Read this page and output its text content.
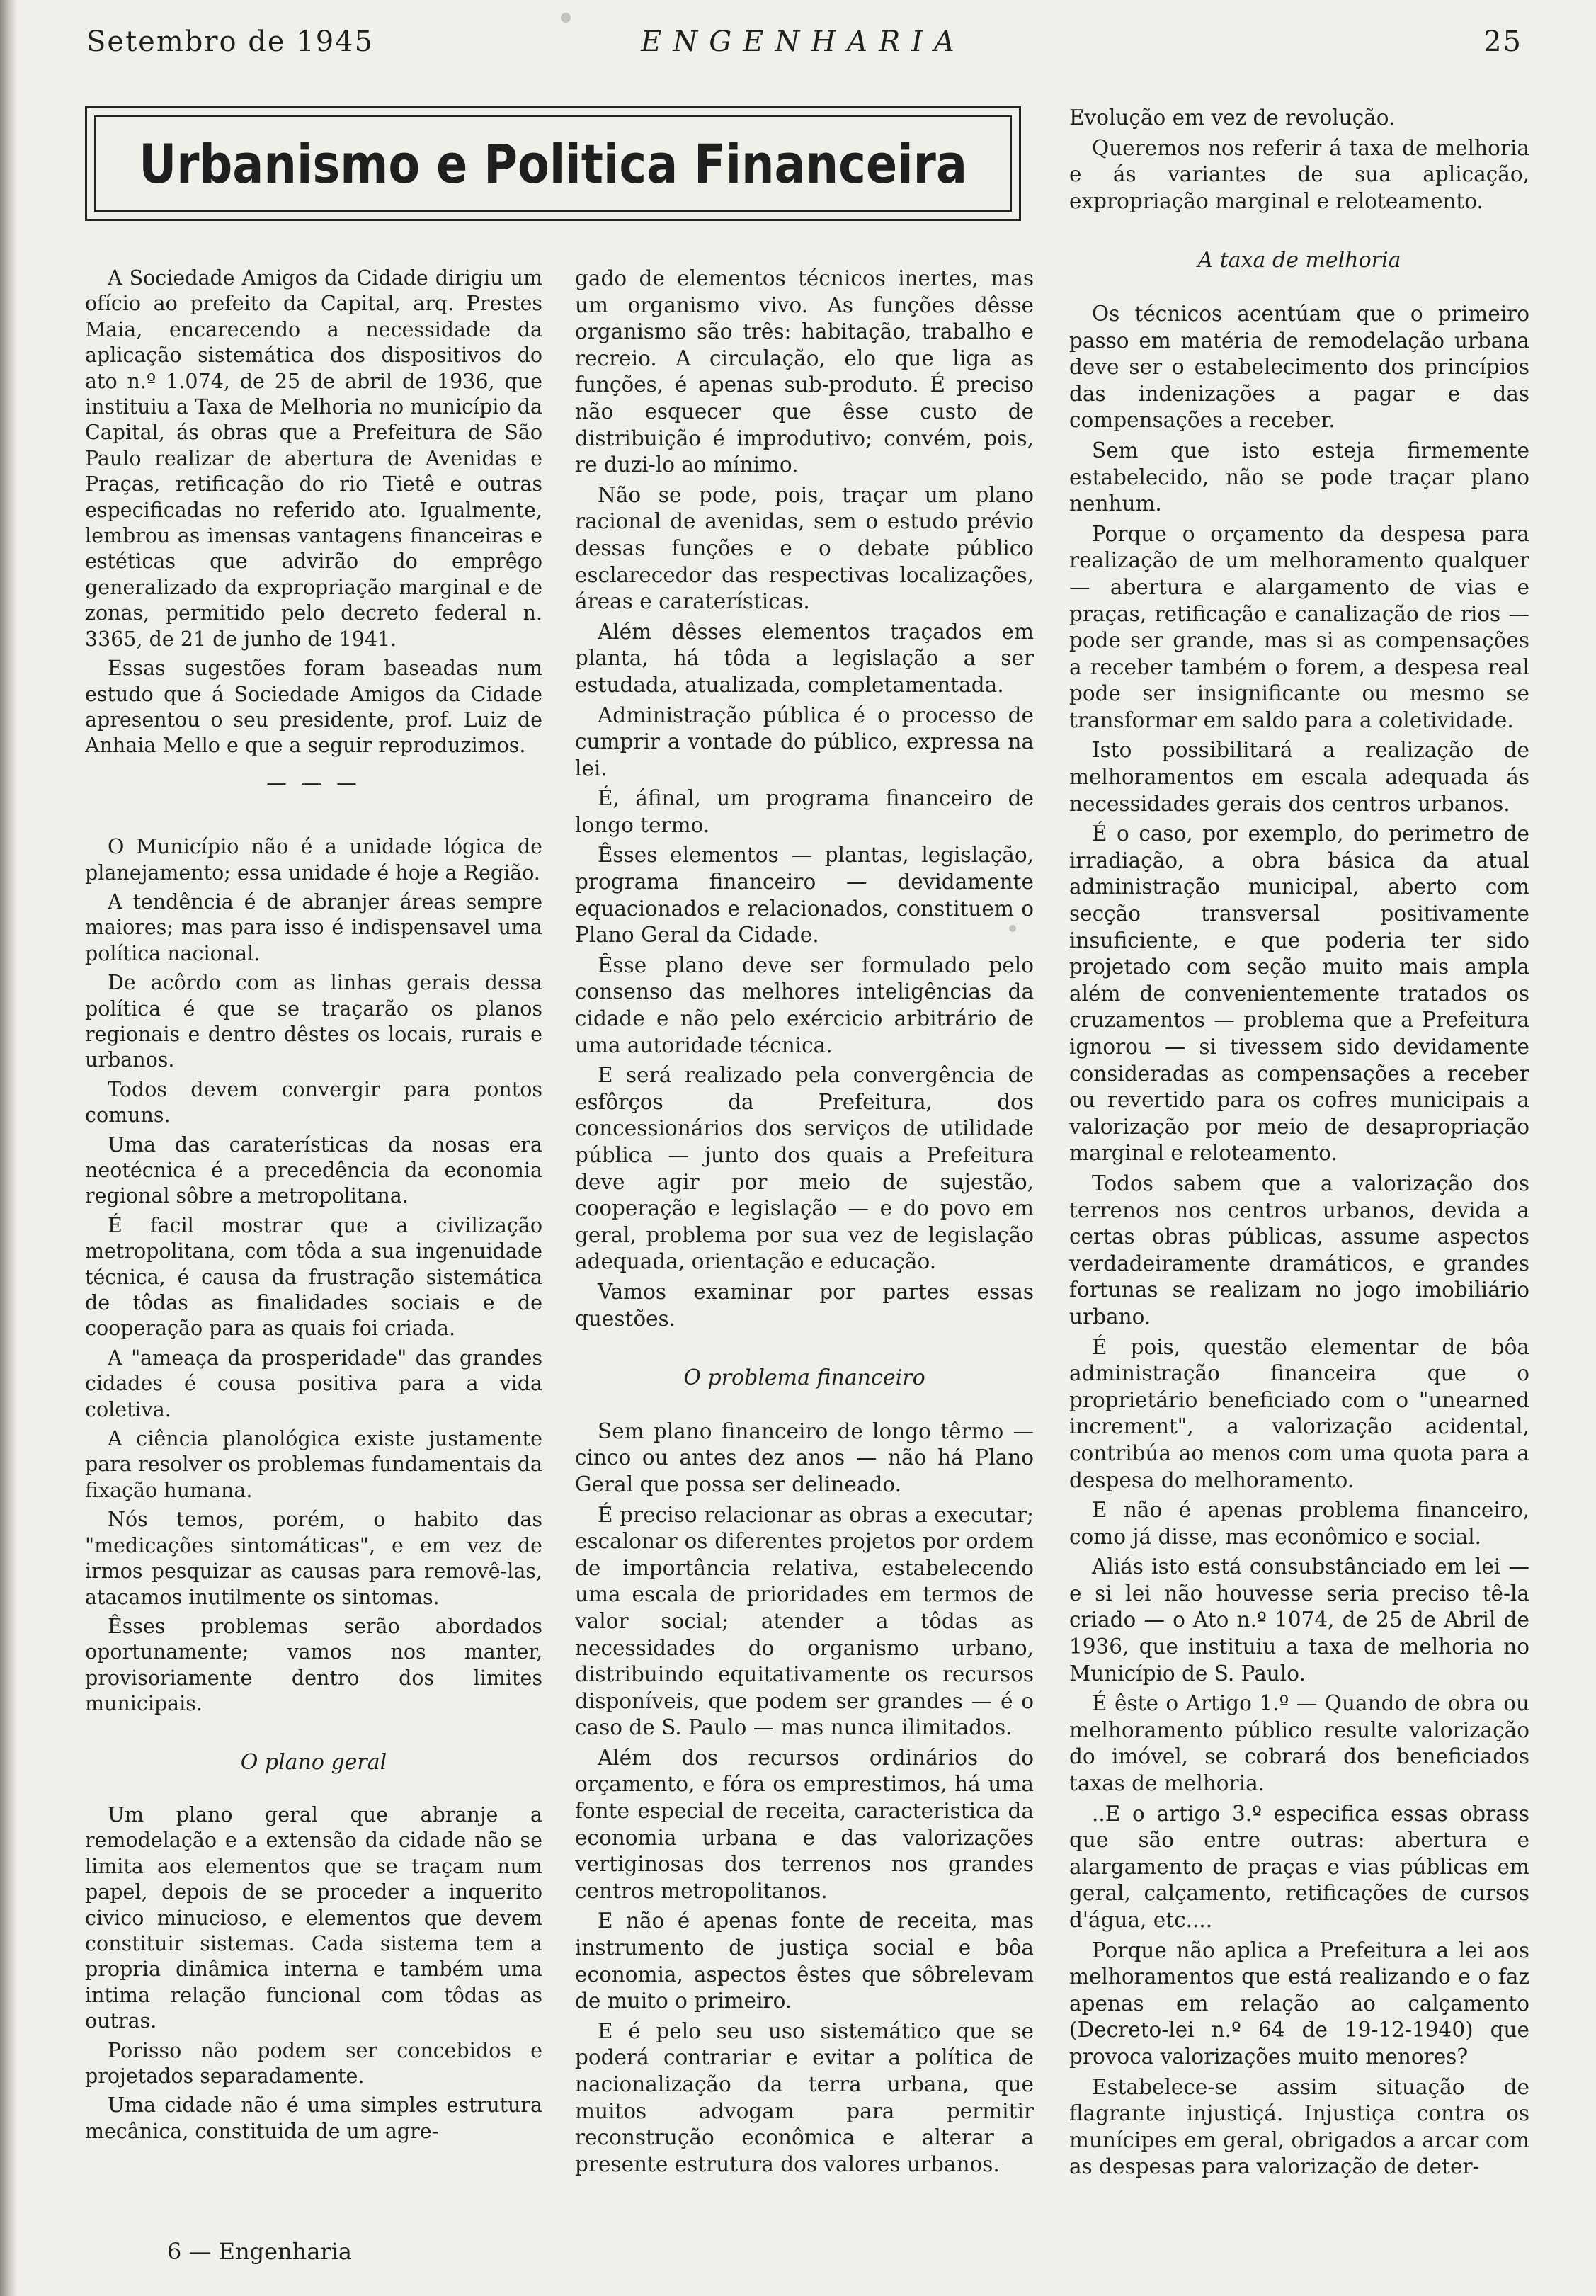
Setembro de 1945	ENGENHARIA	25
Urbanismo e Politica Financeira

A Sociedade Amigos da Cidade dirigiu um ofício ao prefeito da Capital, arq. Prestes Maia, encarecendo a necessidade da aplicação sistemática dos dispositivos do ato n.º 1.074, de 25 de abril de 1936, que instituiu a Taxa de Melhoria no município da Capital, ás obras que a Prefeitura de São Paulo realizar de abertura de Avenidas e Praças, retificação do rio Tietê e outras especificadas no referido ato. Igualmente, lembrou as imensas vantagens financeiras e estéticas que advirão do emprêgo generalizado da expropriação marginal e de zonas, permitido pelo decreto federal n. 3365, de 21 de junho de 1941.

Essas sugestões foram baseadas num estudo que á Sociedade Amigos da Cidade apresentou o seu presidente, prof. Luiz de Anhaia Mello e que a seguir reproduzimos.

— — —

O Município não é a unidade lógica de planejamento; essa unidade é hoje a Região.

A tendência é de abranjer áreas sempre maiores; mas para isso é indispensavel uma política nacional.

De acôrdo com as linhas gerais dessa política é que se traçarão os planos regionais e dentro dêstes os locais, rurais e urbanos.

Todos devem convergir para pontos comuns.

Uma das caraterísticas da nosas era neotécnica é a precedência da economia regional sôbre a metropolitana.

É facil mostrar que a civilização metropolitana, com tôda a sua ingenuidade técnica, é causa da frustração sistemática de tôdas as finalidades sociais e de cooperação para as quais foi criada.

A "ameaça da prosperidade" das grandes cidades é cousa positiva para a vida coletiva.

A ciência planológica existe justamente para resolver os problemas fundamentais da fixação humana.

Nós temos, porém, o habito das "medicações sintomáticas", e em vez de irmos pesquizar as causas para removê-las, atacamos inutilmente os sintomas.

Êsses problemas serão abordados oportunamente; vamos nos manter, provisoriamente dentro dos limites municipais.

O plano geral

Um plano geral que abranje a remodelação e a extensão da cidade não se limita aos elementos que se traçam num papel, depois de se proceder a inquerito civico minucioso, e elementos que devem constituir sistemas. Cada sistema tem a propria dinâmica interna e também uma intima relação funcional com tôdas as outras.

Porisso não podem ser concebidos e projetados separadamente.

Uma cidade não é uma simples estrutura mecânica, constituida de um agre-

gado de elementos técnicos inertes, mas um organismo vivo. As funções dêsse organismo são três: habitação, trabalho e recreio. A circulação, elo que liga as funções, é apenas sub-produto. É preciso não esquecer que êsse custo de distribuição é improdutivo; convém, pois, re duzi-lo ao mínimo.

Não se pode, pois, traçar um plano racional de avenidas, sem o estudo prévio dessas funções e o debate público esclarecedor das respectivas localizações, áreas e caraterísticas.

Além dêsses elementos traçados em planta, há tôda a legislação a ser estudada, atualizada, completamentada.

Administração pública é o processo de cumprir a vontade do público, expressa na lei.

É, áfinal, um programa financeiro de longo termo.

Êsses elementos — plantas, legislação, programa financeiro — devidamente equacionados e relacionados, constituem o Plano Geral da Cidade.

Êsse plano deve ser formulado pelo consenso das melhores inteligências da cidade e não pelo exércicio arbitrário de uma autoridade técnica.

E será realizado pela convergência de esfôrços da Prefeitura, dos concessionários dos serviços de utilidade pública — junto dos quais a Prefeitura deve agir por meio de sujestão, cooperação e legislação — e do povo em geral, problema por sua vez de legislação adequada, orientação e educação.

Vamos examinar por partes essas questões.

O problema financeiro

Sem plano financeiro de longo têrmo — cinco ou antes dez anos — não há Plano Geral que possa ser delineado.

É preciso relacionar as obras a executar; escalonar os diferentes projetos por ordem de importância relativa, estabelecendo uma escala de prioridades em termos de valor social; atender a tôdas as necessidades do organismo urbano, distribuindo equitativamente os recursos disponíveis, que podem ser grandes — é o caso de S. Paulo — mas nunca ilimitados.

Além dos recursos ordinários do orçamento, e fóra os emprestimos, há uma fonte especial de receita, caracteristica da economia urbana e das valorizações vertiginosas dos terrenos nos grandes centros metropolitanos.

E não é apenas fonte de receita, mas instrumento de justiça social e bôa economia, aspectos êstes que sôbrelevam de muito o primeiro.

E é pelo seu uso sistemático que se poderá contrariar e evitar a política de nacionalização da terra urbana, que muitos advogam para permitir reconstrução econômica e alterar a presente estrutura dos valores urbanos.

Evolução em vez de revolução.

Queremos nos referir á taxa de melhoria e ás variantes de sua aplicação, expropriação marginal e reloteamento.

A taxa de melhoria

Os técnicos acentúam que o primeiro passo em matéria de remodelação urbana deve ser o estabelecimento dos princípios das indenizações a pagar e das compensações a receber.

Sem que isto esteja firmemente estabelecido, não se pode traçar plano nenhum.

Porque o orçamento da despesa para realização de um melhoramento qualquer — abertura e alargamento de vias e praças, retificação e canalização de rios — pode ser grande, mas si as compensações a receber também o forem, a despesa real pode ser insignificante ou mesmo se transformar em saldo para a coletividade.

Isto possibilitará a realização de melhoramentos em escala adequada ás necessidades gerais dos centros urbanos.

É o caso, por exemplo, do perimetro de irradiação, a obra básica da atual administração municipal, aberto com secção transversal positivamente insuficiente, e que poderia ter sido projetado com seção muito mais ampla além de convenientemente tratados os cruzamentos — problema que a Prefeitura ignorou — si tivessem sido devidamente consideradas as compensações a receber ou revertido para os cofres municipais a valorização por meio de desapropriação marginal e reloteamento.

Todos sabem que a valorização dos terrenos nos centros urbanos, devida a certas obras públicas, assume aspectos verdadeiramente dramáticos, e grandes fortunas se realizam no jogo imobiliário urbano.

É pois, questão elementar de bôa administração financeira que o proprietário beneficiado com o "unearned increment", a valorização acidental, contribúa ao menos com uma quota para a despesa do melhoramento.

E não é apenas problema financeiro, como já disse, mas econômico e social.

Aliás isto está consubstânciado em lei — e si lei não houvesse seria preciso tê-la criado — o Ato n.º 1074, de 25 de Abril de 1936, que instituiu a taxa de melhoria no Município de S. Paulo.

É êste o Artigo 1.º — Quando de obra ou melhoramento público resulte valorização do imóvel, se cobrará dos beneficiados taxas de melhoria.

..E o artigo 3.º especifica essas obrass que são entre outras: abertura e alargamento de praças e vias públicas em geral, calçamento, retificações de cursos d'água, etc....

Porque não aplica a Prefeitura a lei aos melhoramentos que está realizando e o faz apenas em relação ao calçamento (Decreto-lei n.º 64 de 19-12-1940) que provoca valorizações muito menores?

Estabelece-se assim situação de flagrante injustiçá. Injustiça contra os munícipes em geral, obrigados a arcar com as despesas para valorização de deter-

6 — Engenharia
